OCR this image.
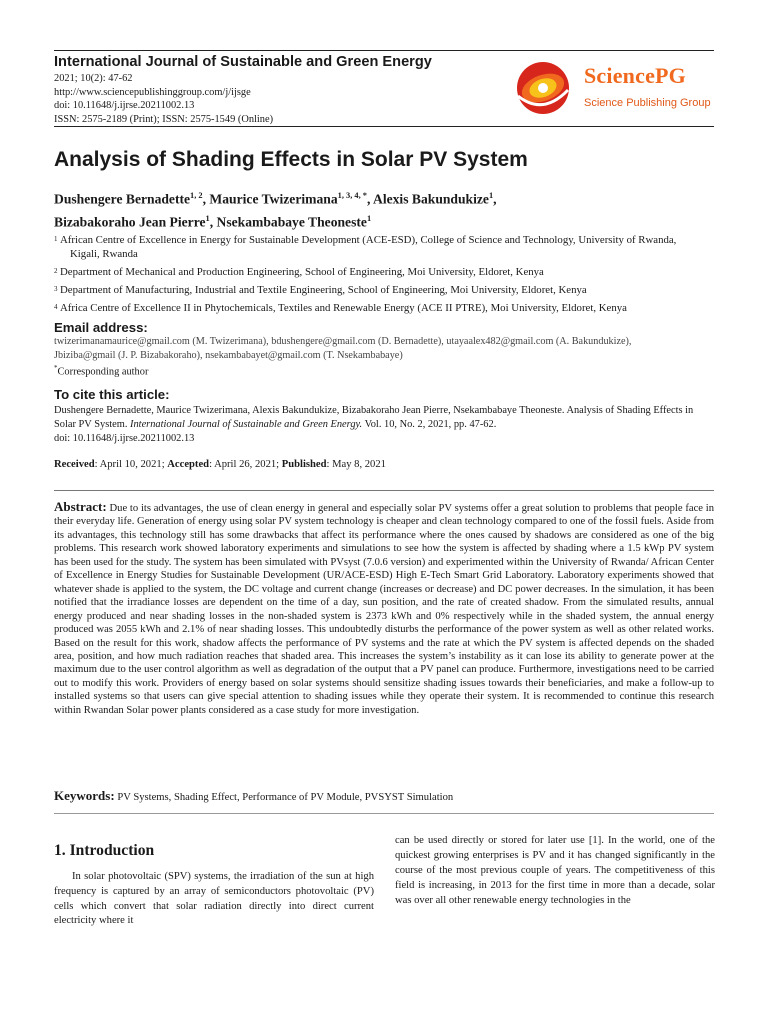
International Journal of Sustainable and Green Energy
2021; 10(2): 47-62
http://www.sciencepublishinggroup.com/j/ijsge
doi: 10.11648/j.ijrse.20211002.13
ISSN: 2575-2189 (Print); ISSN: 2575-1549 (Online)
SciencePG
Science Publishing Group
Analysis of Shading Effects in Solar PV System
Dushengere Bernadette$^{1, 2}$, Maurice Twizerimana$^{1, 3, 4, *}$, Alexis Bakundukize$^1$,
Bizabakoraho Jean Pierre$^1$, Nsekambabaye Theoneste$^1$
1 African Centre of Excellence in Energy for Sustainable Development (ACE-ESD), College of Science and Technology, University of Rwanda,
Kigali, Rwanda
2 Department of Mechanical and Production Engineering, School of Engineering, Moi University, Eldoret, Kenya
3 Department of Manufacturing, Industrial and Textile Engineering, School of Engineering, Moi University, Eldoret, Kenya
4 Africa Centre of Excellence II in Phytochemicals, Textiles and Renewable Energy (ACE II PTRE), Moi University, Eldoret, Kenya
Email address:
twizerimanamaurice@gmail.com (M. Twizerimana), bdushengere@gmail.com (D. Bernadette), utayaalex482@gmail.com (A. Bakundukize),
Jbiziba@gmail (J. P. Bizabakoraho), nsekambabayet@gmail.com (T. Nsekambabaye)
*Corresponding author
To cite this article:
Dushengere Bernadette, Maurice Twizerimana, Alexis Bakundukize, Bizabakoraho Jean Pierre, Nsekambabaye Theoneste. Analysis of Shading Effects in Solar PV System. International Journal of Sustainable and Green Energy. Vol. 10, No. 2, 2021, pp. 47-62.
doi: 10.11648/j.ijrse.20211002.13
Received: April 10, 2021; Accepted: April 26, 2021; Published: May 8, 2021
Abstract: Due to its advantages, the use of clean energy in general and especially solar PV systems offer a great solution to problems that people face in their everyday life. Generation of energy using solar PV system technology is cheaper and clean technology compared to one of the fossil fuels. Aside from its advantages, this technology still has some drawbacks that affect its performance where the ones caused by shadows are considered as one of the big problems. This research work showed laboratory experiments and simulations to see how the system is affected by shading where a 1.5 kWp PV system has been used for the study. The system has been simulated with PVsyst (7.0.6 version) and experimented within the University of Rwanda/ African Center of Excellence in Energy Studies for Sustainable Development (UR/ACE-ESD) High E-Tech Smart Grid Laboratory. Laboratory experiments showed that whatever shade is applied to the system, the DC voltage and current change (increases or decrease) and DC power decreases. In the simulation, it has been notified that the irradiance losses are dependent on the time of a day, sun position, and the rate of created shadow. From the simulated results, annual energy produced and near shading losses in the non-shaded system is 2373 kWh and 0% respectively while in the shaded system, the annual energy produced was 2055 kWh and 2.1% of near shading losses. This undoubtedly disturbs the performance of the power system as well as other related works. Based on the result for this work, shadow affects the performance of PV systems and the rate at which the PV system is affected depends on the shaded area, position, and how much radiation reaches that shaded area. This increases the system’s instability as it can lose its ability to generate power at the maximum due to the user control algorithm as well as degradation of the output that a PV panel can produce. Furthermore, investigations need to be carried out to modify this work. Providers of energy based on solar systems should sensitize shading issues towards their beneficiaries, and make a follow-up to installed systems so that users can give special attention to shading issues while they operate their system. It is recommended to continue this research within Rwandan Solar power plants considered as a case study for more investigation.
Keywords: PV Systems, Shading Effect, Performance of PV Module, PVSYST Simulation
1. Introduction
In solar photovoltaic (SPV) systems, the irradiation of the sun at high frequency is captured by an array of semiconductors photovoltaic (PV) cells which convert that solar radiation directly into direct current electricity where it
can be used directly or stored for later use [1]. In the world, one of the quickest growing enterprises is PV and it has changed significantly in the course of the most previous couple of years. The competitiveness of this field is increasing, in 2013 for the first time in more than a decade, solar was over all other renewable energy technologies in the
